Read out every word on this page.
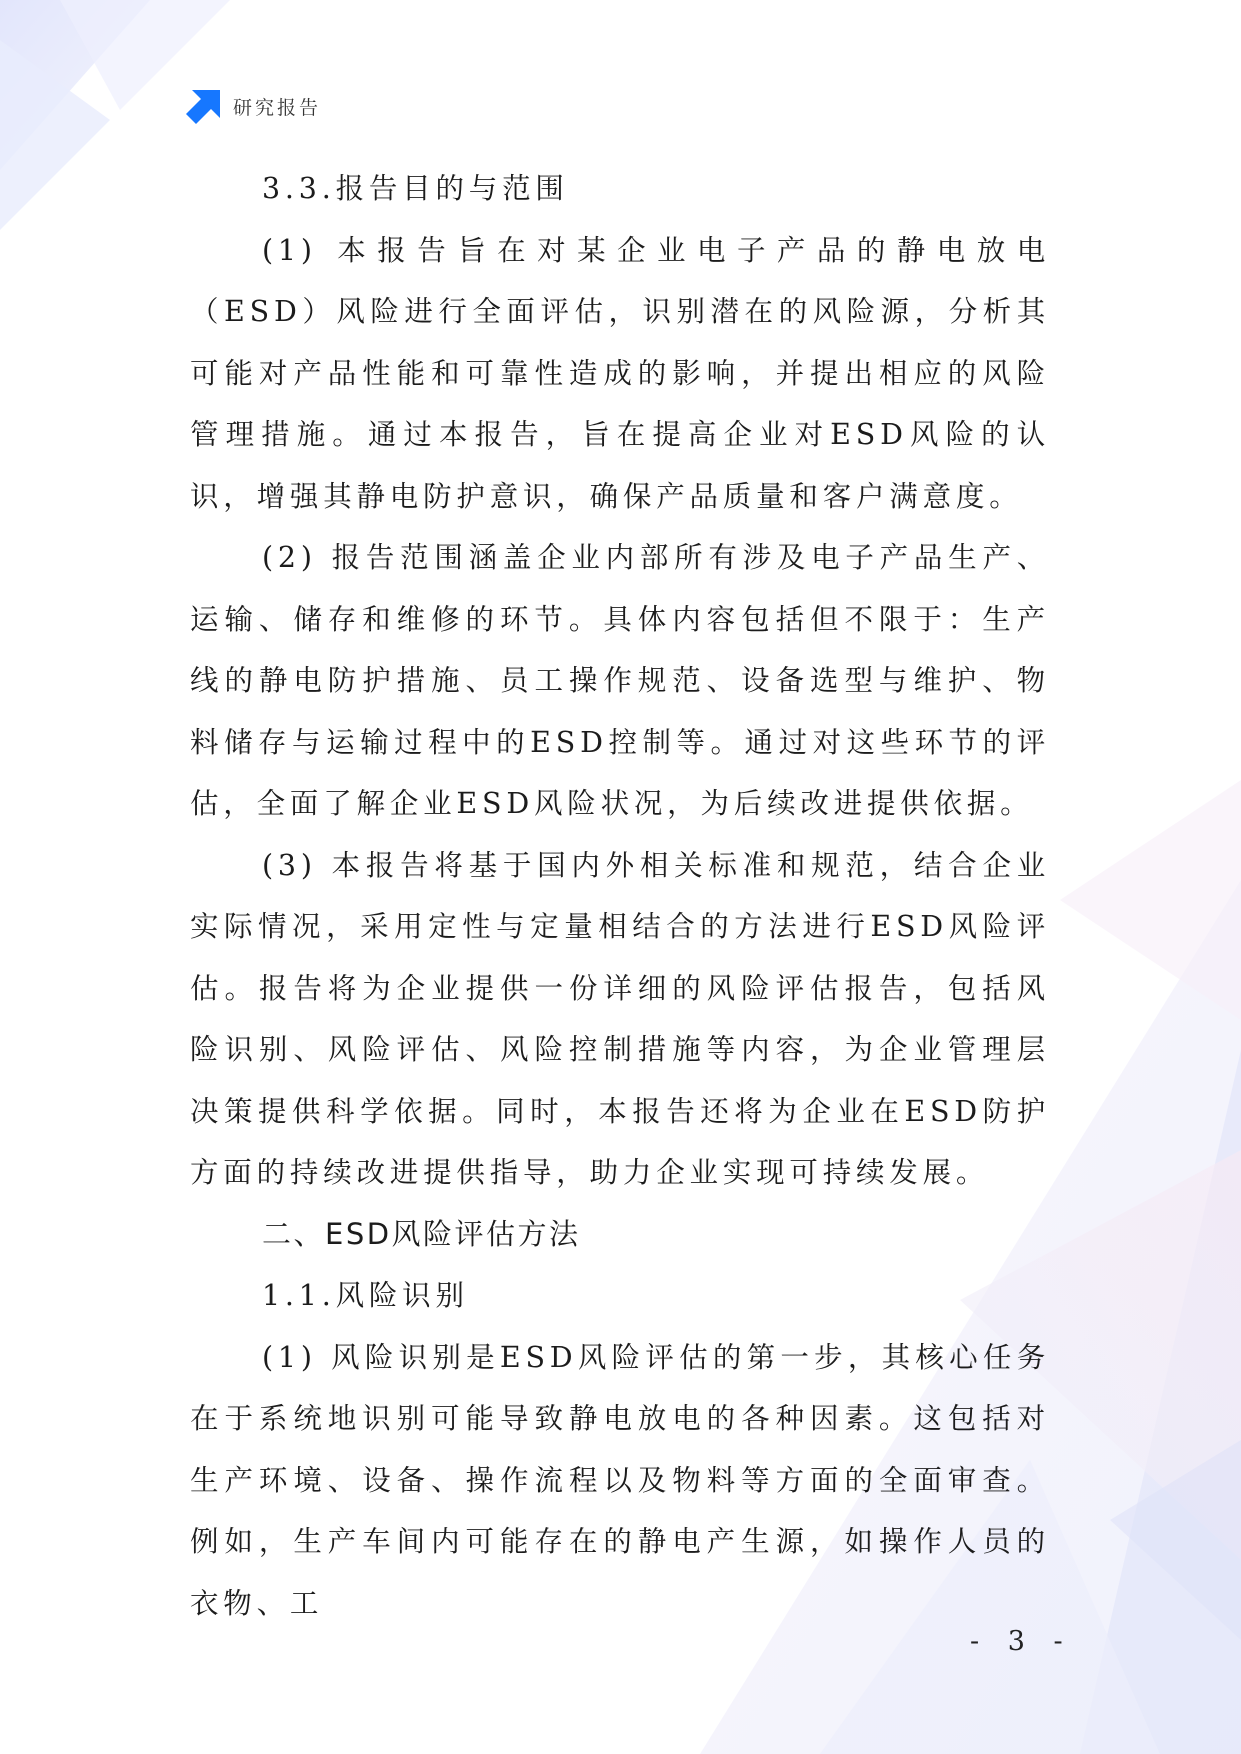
研究报告

3.3.报告目的与范围

(1) 本报告旨在对某企业电子产品的静电放电（ESD）风险进行全面评估，识别潜在的风险源，分析其可能对产品性能和可靠性造成的影响，并提出相应的风险管理措施。通过本报告，旨在提高企业对ESD风险的认识，增强其静电防护意识，确保产品质量和客户满意度。

(2) 报告范围涵盖企业内部所有涉及电子产品生产、运输、储存和维修的环节。具体内容包括但不限于：生产线的静电防护措施、员工操作规范、设备选型与维护、物料储存与运输过程中的ESD控制等。通过对这些环节的评估，全面了解企业ESD风险状况，为后续改进提供依据。

(3) 本报告将基于国内外相关标准和规范，结合企业实际情况，采用定性与定量相结合的方法进行ESD风险评估。报告将为企业提供一份详细的风险评估报告，包括风险识别、风险评估、风险控制措施等内容，为企业管理层决策提供科学依据。同时，本报告还将为企业在ESD防护方面的持续改进提供指导，助力企业实现可持续发展。

二、ESD风险评估方法

1.1.风险识别

(1) 风险识别是ESD风险评估的第一步，其核心任务在于系统地识别可能导致静电放电的各种因素。这包括对生产环境、设备、操作流程以及物料等方面的全面审查。例如，生产车间内可能存在的静电产生源，如操作人员的衣物、工

- 3 -
